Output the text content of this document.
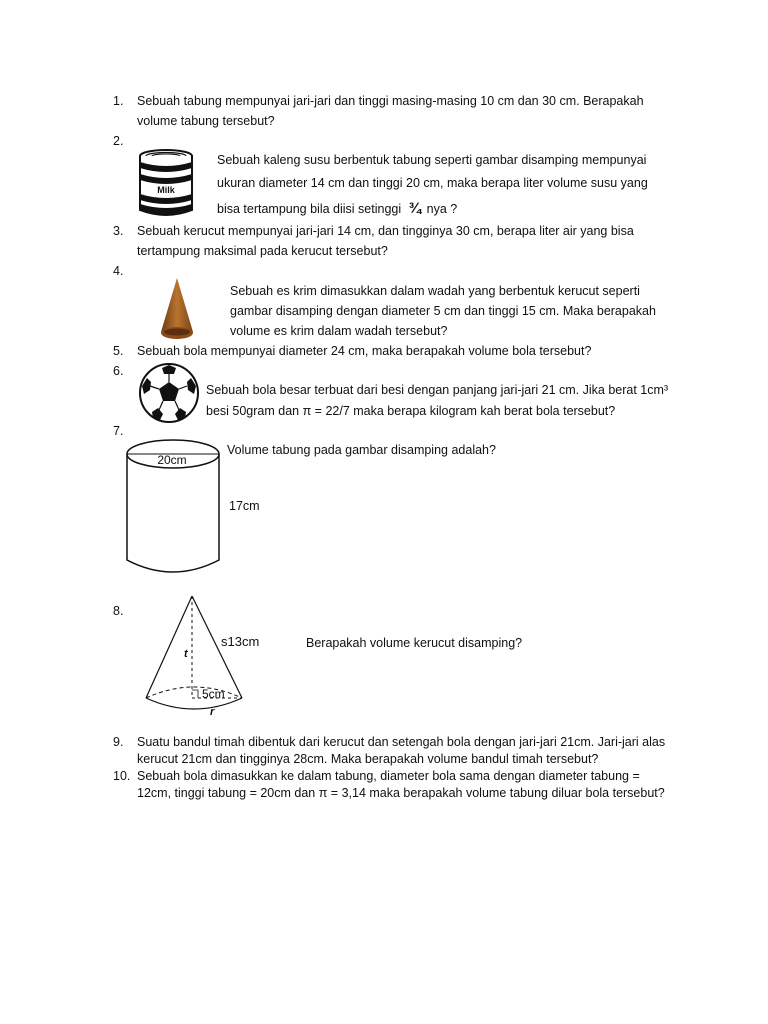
1.	Sebuah tabung mempunyai jari-jari dan tinggi masing-masing 10 cm dan 30 cm. Berapakah
volume tabung tersebut?
2.
Milk
Sebuah kaleng susu berbentuk tabung seperti gambar disamping mempunyai
ukuran diameter 14 cm dan tinggi 20 cm, maka berapa liter volume susu yang
bisa tertampung bila diisi setinggi ¾ nya ?
3.	Sebuah kerucut mempunyai jari-jari 14 cm, dan tingginya 30 cm, berapa liter air yang bisa
tertampung maksimal pada kerucut tersebut?
4.
Sebuah es krim dimasukkan dalam wadah yang berbentuk kerucut seperti
gambar disamping dengan diameter 5 cm dan tinggi 15 cm. Maka berapakah
volume es krim dalam wadah tersebut?
5.	Sebuah bola mempunyai diameter 24 cm, maka berapakah volume bola tersebut?
6.
Sebuah bola besar terbuat dari besi dengan panjang jari-jari 21 cm. Jika berat 1cm³
besi 50gram dan π = 22/7 maka berapa kilogram kah berat bola tersebut?
7.
20cm
Volume tabung pada gambar disamping adalah?
17cm
8.
t
5cm
r
s13cm	Berapakah volume kerucut disamping?
9.	Suatu bandul timah dibentuk dari kerucut dan setengah bola dengan jari-jari 21cm. Jari-jari alas
kerucut 21cm dan tingginya 28cm. Maka berapakah volume bandul timah tersebut?
10. Sebuah bola dimasukkan ke dalam tabung, diameter bola sama dengan diameter tabung =
12cm, tinggi tabung = 20cm dan π = 3,14 maka berapakah volume tabung diluar bola tersebut?
